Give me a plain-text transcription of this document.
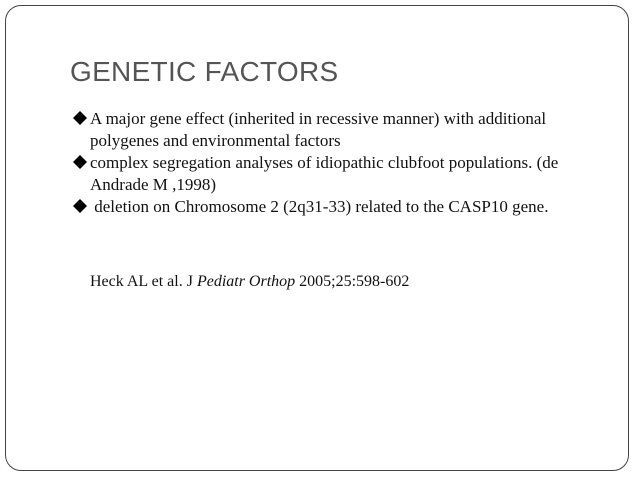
GENETIC FACTORS
A major gene effect (inherited in recessive manner) with additional polygenes and environmental factors
complex segregation analyses of idiopathic clubfoot populations. (de Andrade M ,1998)
deletion on Chromosome 2 (2q31-33) related to the CASP10 gene.

Heck AL et al. J Pediatr Orthop 2005;25:598-602
